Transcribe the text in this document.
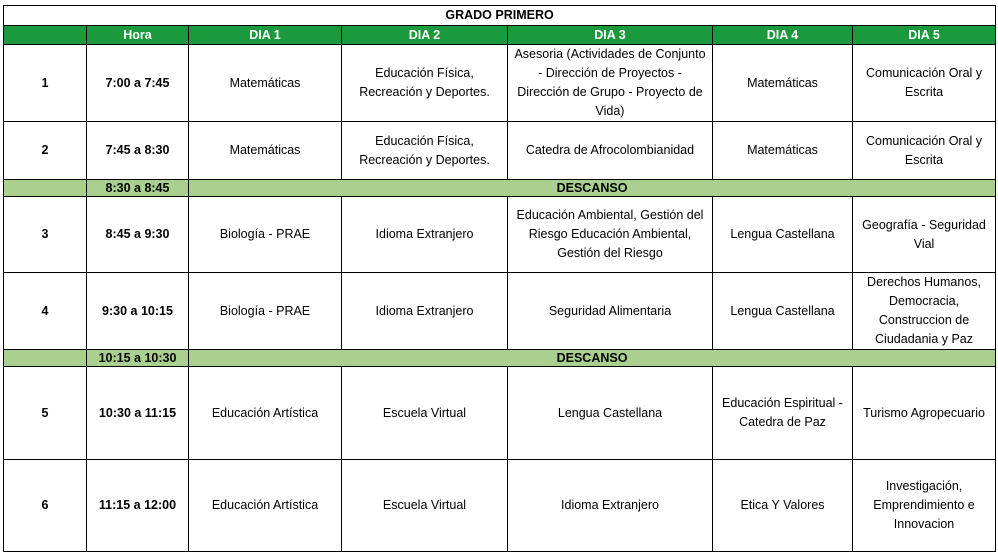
GRADO PRIMERO						
	Hora	DIA 1	DIA 2	DIA 3	DIA 4	DIA 5
1	7:00 a 7:45	Matemáticas	Educación Física, Recreación y Deportes.	Asesoria (Actividades de Conjunto - Dirección de Proyectos - Dirección de Grupo - Proyecto de Vida)	Matemáticas	Comunicación Oral y Escrita
2	7:45 a 8:30	Matemáticas	Educación Física, Recreación y Deportes.	Catedra de Afrocolombianidad	Matemáticas	Comunicación Oral y Escrita
	8:30 a 8:45	DESCANSO				
3	8:45 a 9:30	Biología - PRAE	Idioma Extranjero	Educación Ambiental, Gestión del Riesgo Educación Ambiental, Gestión del Riesgo	Lengua Castellana	Geografía - Seguridad Vial
4	9:30 a 10:15	Biología - PRAE	Idioma Extranjero	Seguridad Alimentaria	Lengua Castellana	Derechos Humanos, Democracia, Construccion de Ciudadania y Paz
	10:15 a 10:30	DESCANSO				
5	10:30 a 11:15	Educación Artística	Escuela Virtual	Lengua Castellana	Educación Espiritual - Catedra de Paz	Turismo Agropecuario
6	11:15 a 12:00	Educación Artística	Escuela Virtual	Idioma Extranjero	Etica Y Valores	Investigación, Emprendimiento e Innovacion
